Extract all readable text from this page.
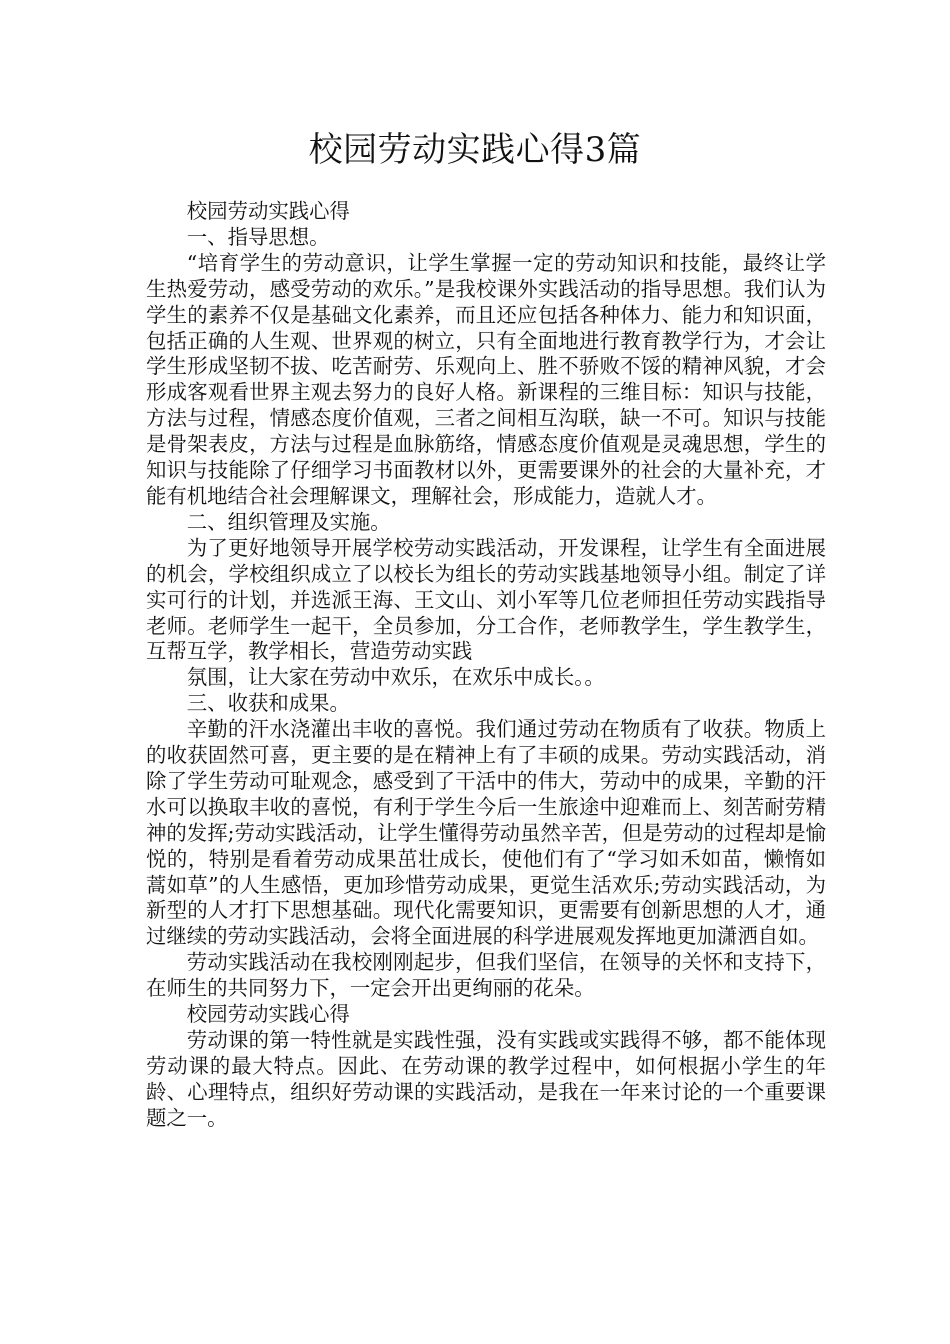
校园劳动实践心得3篇

校园劳动实践心得

一、指导思想。

“培育学生的劳动意识，让学生掌握一定的劳动知识和技能，最终让学生热爱劳动，感受劳动的欢乐。”是我校课外实践活动的指导思想。我们认为学生的素养不仅是基础文化素养，而且还应包括各种体力、能力和知识面，包括正确的人生观、世界观的树立，只有全面地进行教育教学行为，才会让学生形成坚韧不拔、吃苦耐劳、乐观向上、胜不骄败不馁的精神风貌，才会形成客观看世界主观去努力的良好人格。新课程的三维目标：知识与技能，方法与过程，情感态度价值观，三者之间相互沟联，缺一不可。知识与技能是骨架表皮，方法与过程是血脉筋络，情感态度价值观是灵魂思想，学生的知识与技能除了仔细学习书面教材以外，更需要课外的社会的大量补充，才能有机地结合社会理解课文，理解社会，形成能力，造就人才。

二、组织管理及实施。

为了更好地领导开展学校劳动实践活动，开发课程，让学生有全面进展的机会，学校组织成立了以校长为组长的劳动实践基地领导小组。制定了详实可行的计划，并选派王海、王文山、刘小军等几位老师担任劳动实践指导老师。老师学生一起干，全员参加，分工合作，老师教学生，学生教学生，互帮互学，教学相长，营造劳动实践

氛围，让大家在劳动中欢乐，在欢乐中成长。。

三、收获和成果。

辛勤的汗水浇灌出丰收的喜悦。我们通过劳动在物质有了收获。物质上的收获固然可喜，更主要的是在精神上有了丰硕的成果。劳动实践活动，消除了学生劳动可耻观念，感受到了干活中的伟大，劳动中的成果，辛勤的汗水可以换取丰收的喜悦，有利于学生今后一生旅途中迎难而上、刻苦耐劳精神的发挥;劳动实践活动，让学生懂得劳动虽然辛苦，但是劳动的过程却是愉悦的，特别是看着劳动成果茁壮成长，使他们有了“学习如禾如苗，懒惰如蒿如草”的人生感悟，更加珍惜劳动成果，更觉生活欢乐;劳动实践活动，为新型的人才打下思想基础。现代化需要知识，更需要有创新思想的人才，通过继续的劳动实践活动，会将全面进展的科学进展观发挥地更加潇洒自如。

劳动实践活动在我校刚刚起步，但我们坚信，在领导的关怀和支持下，在师生的共同努力下，一定会开出更绚丽的花朵。

校园劳动实践心得

劳动课的第一特性就是实践性强，没有实践或实践得不够，都不能体现劳动课的最大特点。因此、在劳动课的教学过程中，如何根据小学生的年龄、心理特点，组织好劳动课的实践活动，是我在一年来讨论的一个重要课题之一。
